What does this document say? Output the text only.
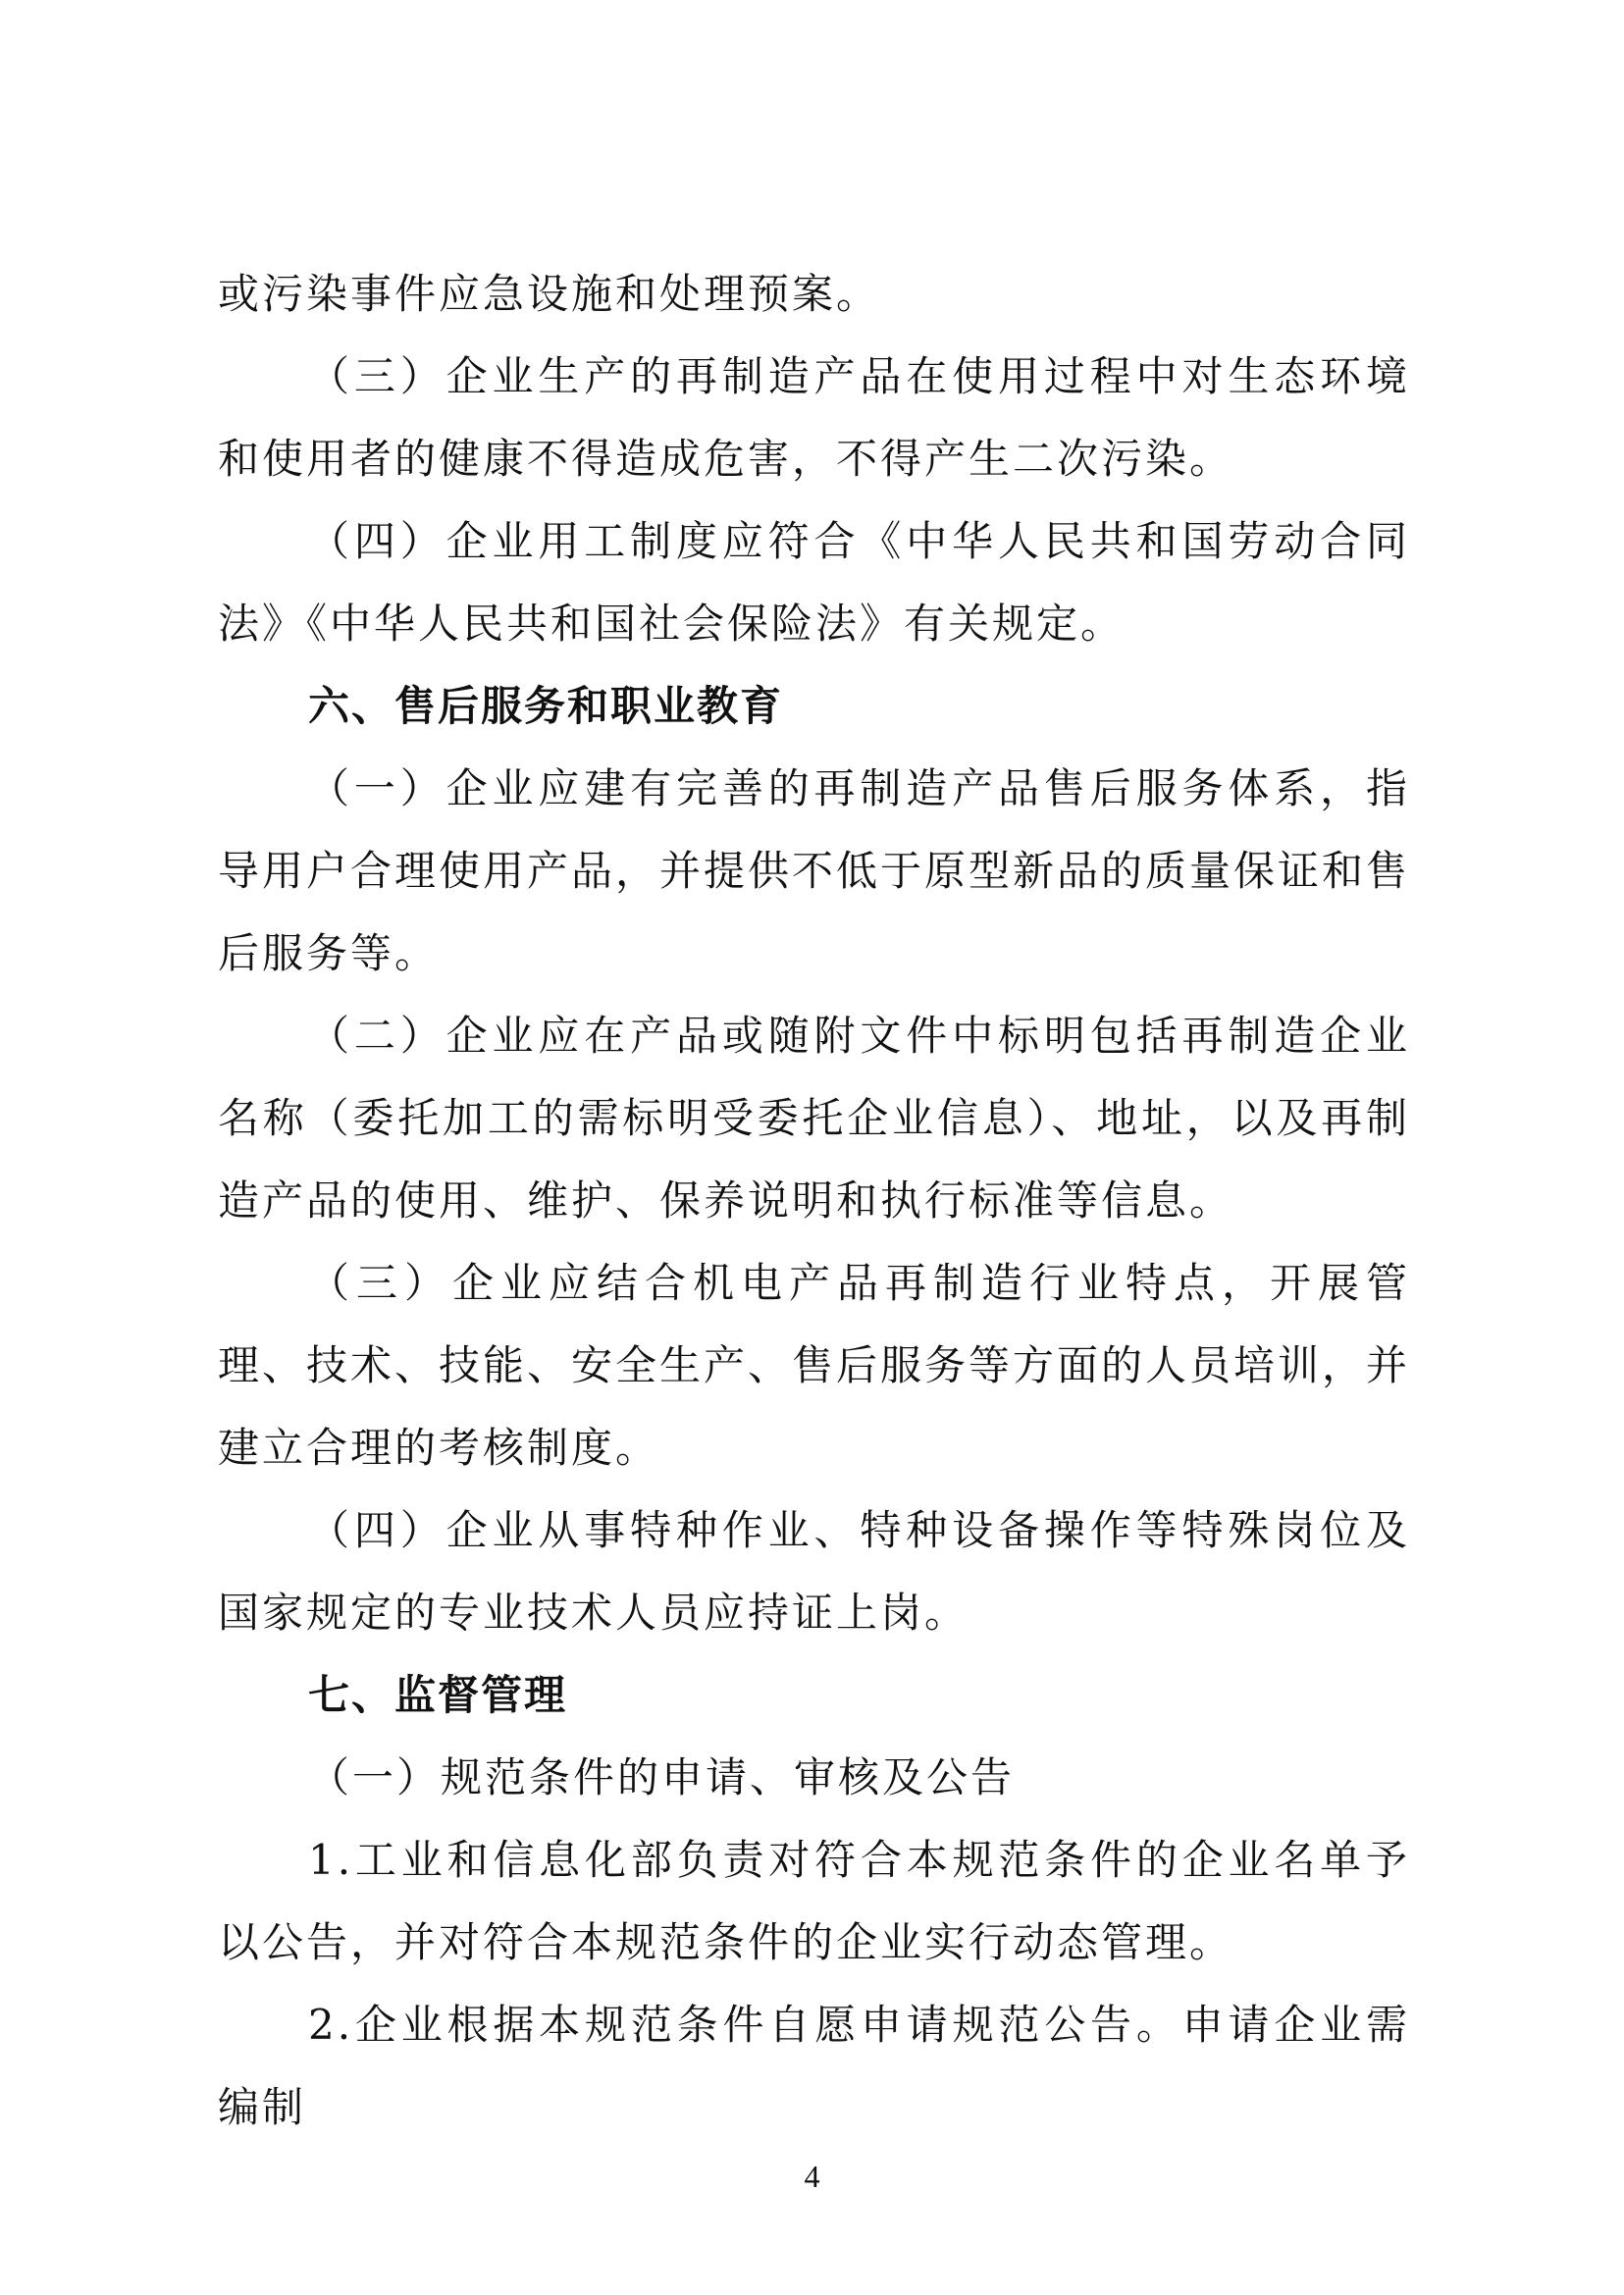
或污染事件应急设施和处理预案。

（三）企业生产的再制造产品在使用过程中对生态环境和使用者的健康不得造成危害，不得产生二次污染。

（四）企业用工制度应符合《中华人民共和国劳动合同法》《中华人民共和国社会保险法》有关规定。

六、售后服务和职业教育

（一）企业应建有完善的再制造产品售后服务体系，指导用户合理使用产品，并提供不低于原型新品的质量保证和售后服务等。

（二）企业应在产品或随附文件中标明包括再制造企业名称（委托加工的需标明受委托企业信息）、地址，以及再制造产品的使用、维护、保养说明和执行标准等信息。

（三）企业应结合机电产品再制造行业特点，开展管理、技术、技能、安全生产、售后服务等方面的人员培训，并建立合理的考核制度。

（四）企业从事特种作业、特种设备操作等特殊岗位及国家规定的专业技术人员应持证上岗。

七、监督管理

（一）规范条件的申请、审核及公告

1.工业和信息化部负责对符合本规范条件的企业名单予以公告，并对符合本规范条件的企业实行动态管理。

2.企业根据本规范条件自愿申请规范公告。申请企业需编制

4
